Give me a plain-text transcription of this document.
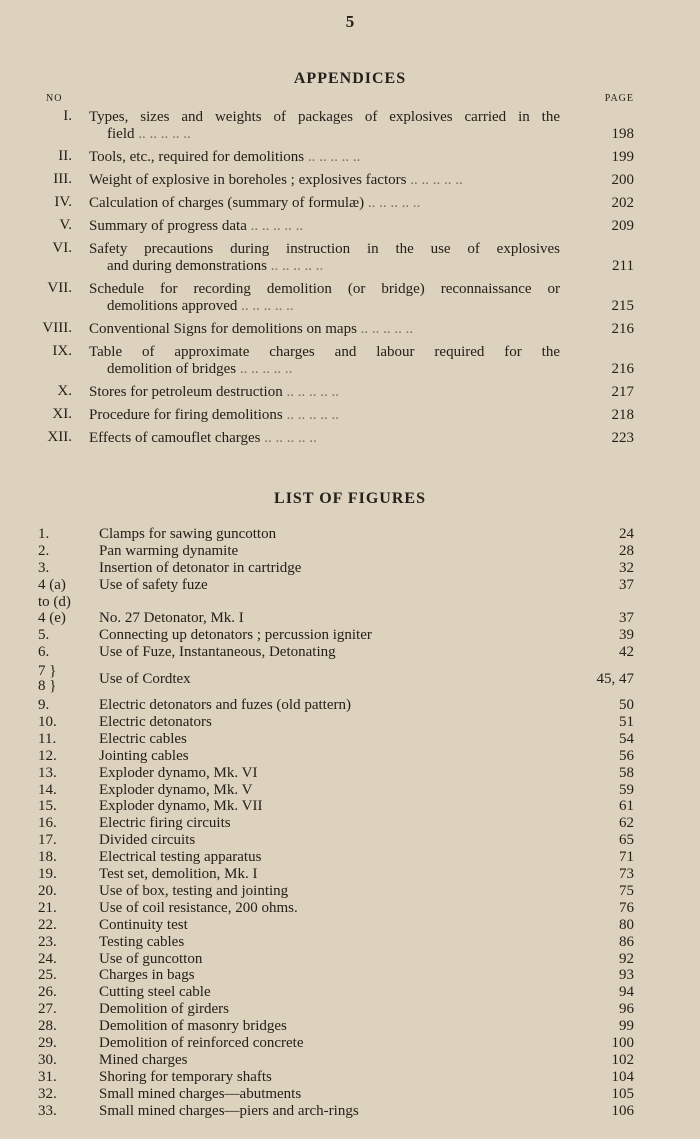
5
APPENDICES
NO	PAGE
I. Types, sizes and weights of packages of explosives carried in the
field .. .. .. .. ..	198
II. Tools, etc., required for demolitions .. .. .. .. ..	199
III. Weight of explosive in boreholes ; explosives factors .. .. .. .. ..	200
IV. Calculation of charges (summary of formulæ) .. .. .. .. ..	202
V. Summary of progress data .. .. .. .. ..	209
VI. Safety precautions during instruction in the use of explosives
and during demonstrations .. .. .. .. ..	211
VII. Schedule for recording demolition (or bridge) reconnaissance or
demolitions approved .. .. .. .. ..	215
VIII. Conventional Signs for demolitions on maps .. .. .. .. ..	216
IX. Table of approximate charges and labour required for the
demolition of bridges .. .. .. .. ..	216
X. Stores for petroleum destruction .. .. .. .. ..	217
XI. Procedure for firing demolitions .. .. .. .. ..	218
XII. Effects of camouflet charges .. .. .. .. ..	223
LIST OF FIGURES
1.	Clamps for sawing guncotton	24
2.	Pan warming dynamite	28
3.	Insertion of detonator in cartridge	32
4 (a)
to (d)
Use of safety fuze	37
4 (e) No. 27 Detonator, Mk. I	37
5.	Connecting up detonators ; percussion igniter	39
6.	Use of Fuze, Instantaneous, Detonating	42
7 }
8 }	Use of Cordtex	45, 47
9.	Electric detonators and fuzes (old pattern)	50
10.	Electric detonators	51
11.	Electric cables	54
12.	Jointing cables	56
13.	Exploder dynamo, Mk. VI	58
14.	Exploder dynamo, Mk. V	59
15.	Exploder dynamo, Mk. VII	61
16.	Electric firing circuits	62
17.	Divided circuits	65
18.	Electrical testing apparatus	71
19.	Test set, demolition, Mk. I	73
20.	Use of box, testing and jointing	75
21.	Use of coil resistance, 200 ohms.	76
22.	Continuity test	80
23.	Testing cables	86
24.	Use of guncotton	92
25.	Charges in bags	93
26.	Cutting steel cable	94
27.	Demolition of girders	96
28.	Demolition of masonry bridges	99
29.	Demolition of reinforced concrete	100
30.	Mined charges	102
31.	Shoring for temporary shafts	104
32.	Small mined charges—abutments	105
33.	Small mined charges—piers and arch-rings	106
